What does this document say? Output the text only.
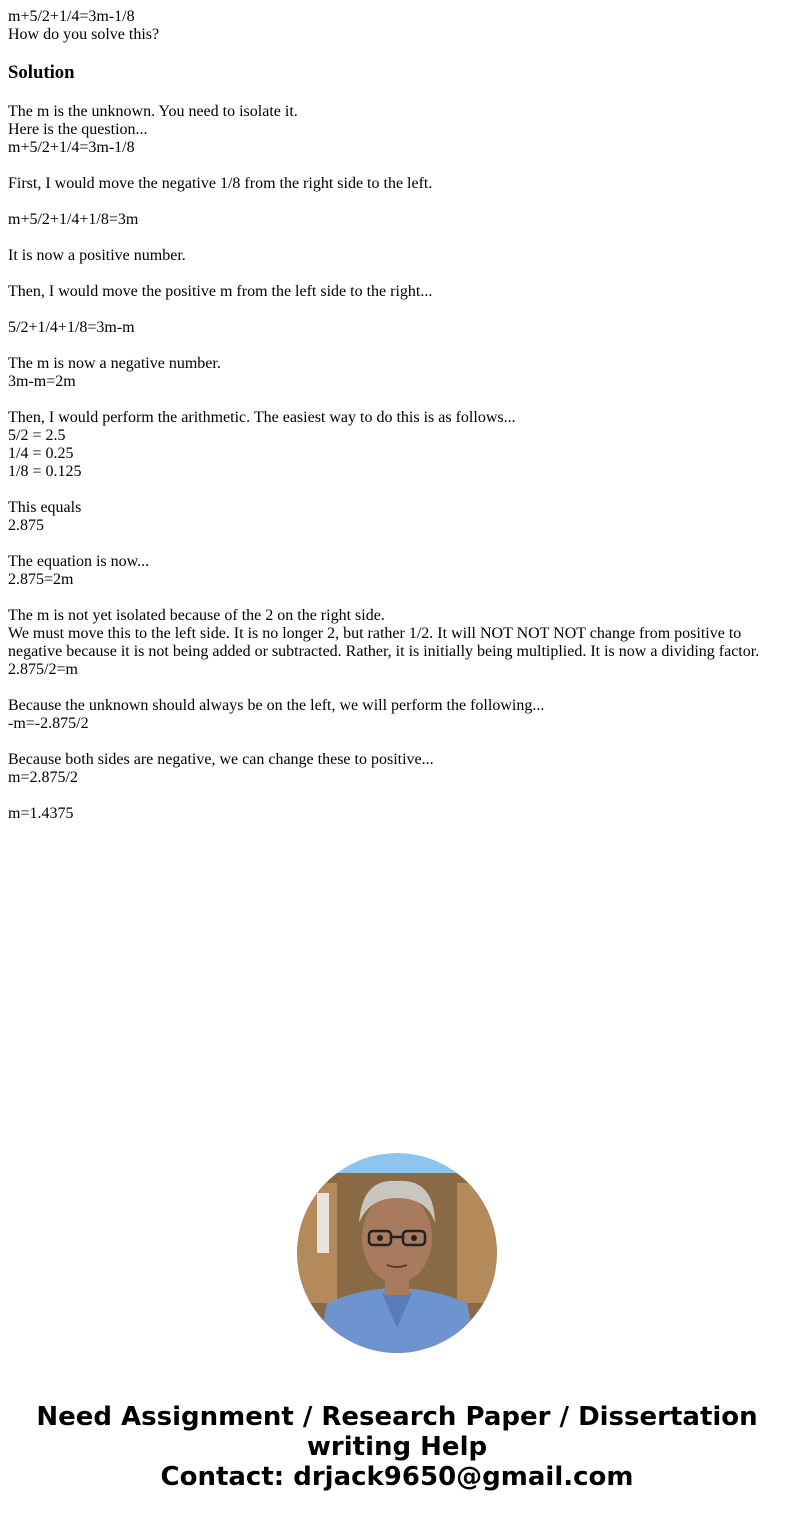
m+5/2+1/4=3m-1/8
How do you solve this?
Solution
The m is the unknown. You need to isolate it.
Here is the question...
m+5/2+1/4=3m-1/8
First, I would move the negative 1/8 from the right side to the left.
m+5/2+1/4+1/8=3m
It is now a positive number.
Then, I would move the positive m from the left side to the right...
5/2+1/4+1/8=3m-m
The m is now a negative number.
3m-m=2m
Then, I would perform the arithmetic. The easiest way to do this is as follows...
5/2 = 2.5
1/4 = 0.25
1/8 = 0.125
This equals
2.875
The equation is now...
2.875=2m
The m is not yet isolated because of the 2 on the right side.
We must move this to the left side. It is no longer 2, but rather 1/2. It will NOT NOT NOT change from positive to negative because it is not being added or subtracted. Rather, it is initially being multiplied. It is now a dividing factor.
2.875/2=m
Because the unknown should always be on the left, we will perform the following...
-m=-2.875/2
Because both sides are negative, we can change these to positive...
m=2.875/2
m=1.4375
Need Assignment / Research Paper / Dissertation writing Help
Contact: drjack9650@gmail.com
